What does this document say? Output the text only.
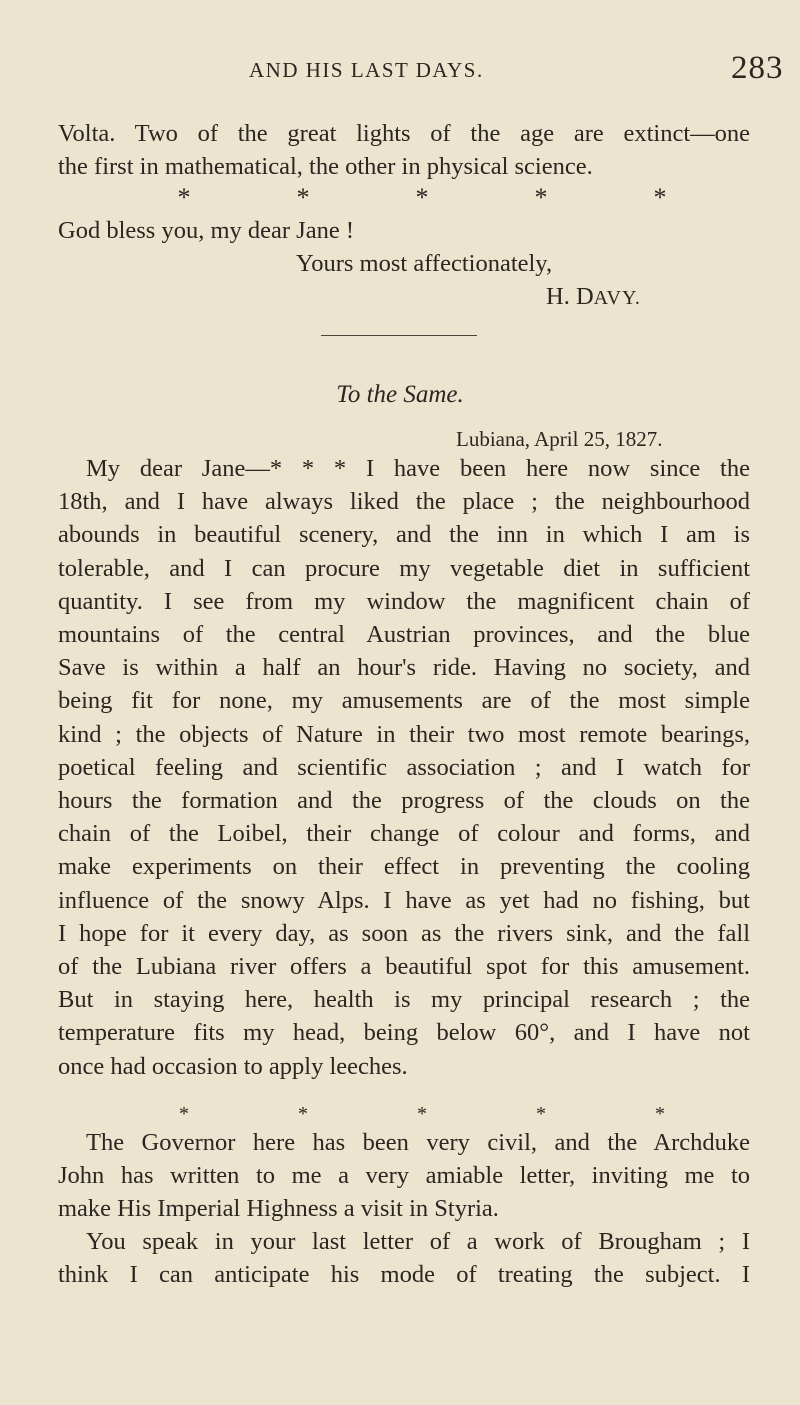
AND HIS LAST DAYS.	283
Volta. Two of the great lights of the age are extinct—one
the first in mathematical, the other in physical science.
*	*	*	*	*
God bless you, my dear Jane !
Yours most affectionately,
H. DAVY.
To the Same.
Lubiana, April 25, 1827.
My dear Jane—* * * I have been here now since the
18th, and I have always liked the place ; the neighbourhood
abounds in beautiful scenery, and the inn in which I am is
tolerable, and I can procure my vegetable diet in sufficient
quantity. I see from my window the magnificent chain of
mountains of the central Austrian provinces, and the blue
Save is within a half an hour's ride. Having no society, and
being fit for none, my amusements are of the most simple
kind ; the objects of Nature in their two most remote bearings,
poetical feeling and scientific association ; and I watch for
hours the formation and the progress of the clouds on the
chain of the Loibel, their change of colour and forms, and
make experiments on their effect in preventing the cooling
influence of the snowy Alps. I have as yet had no fishing, but
I hope for it every day, as soon as the rivers sink, and the fall
of the Lubiana river offers a beautiful spot for this amusement.
But in staying here, health is my principal research ; the
temperature fits my head, being below 60°, and I have not
once had occasion to apply leeches.
*	*	*	*	*
The Governor here has been very civil, and the Archduke
John has written to me a very amiable letter, inviting me to
make His Imperial Highness a visit in Styria.
You speak in your last letter of a work of Brougham ; I
think I can anticipate his mode of treating the subject. I
